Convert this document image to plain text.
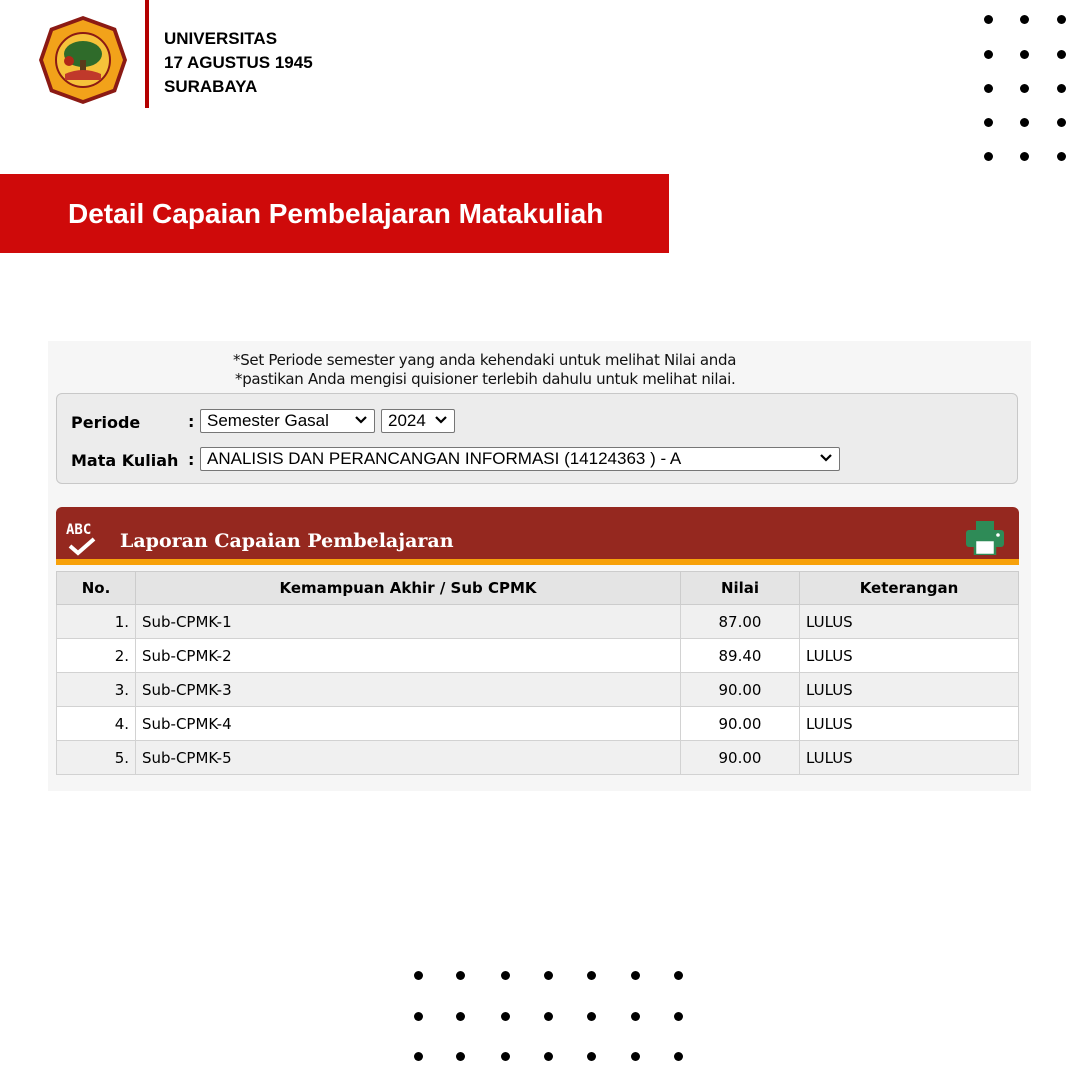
UNIVERSITAS
17 AGUSTUS 1945
SURABAYA
Detail Capaian Pembelajaran Matakuliah
*Set Periode semester yang anda kehendaki untuk melihat Nilai anda
*pastikan Anda mengisi quisioner terlebih dahulu untuk melihat nilai.
Periode	: Semester Gasal	2024
Mata Kuliah : ANALISIS DAN PERANCANGAN INFORMASI (14124363 ) - A
ABC Laporan Capaian Pembelajaran
No.	Kemampuan Akhir / Sub CPMK	Nilai	Keterangan
1.	Sub-CPMK-1	87.00	LULUS
2.	Sub-CPMK-2	89.40	LULUS
3.	Sub-CPMK-3	90.00	LULUS
4.	Sub-CPMK-4	90.00	LULUS
5.	Sub-CPMK-5	90.00	LULUS
